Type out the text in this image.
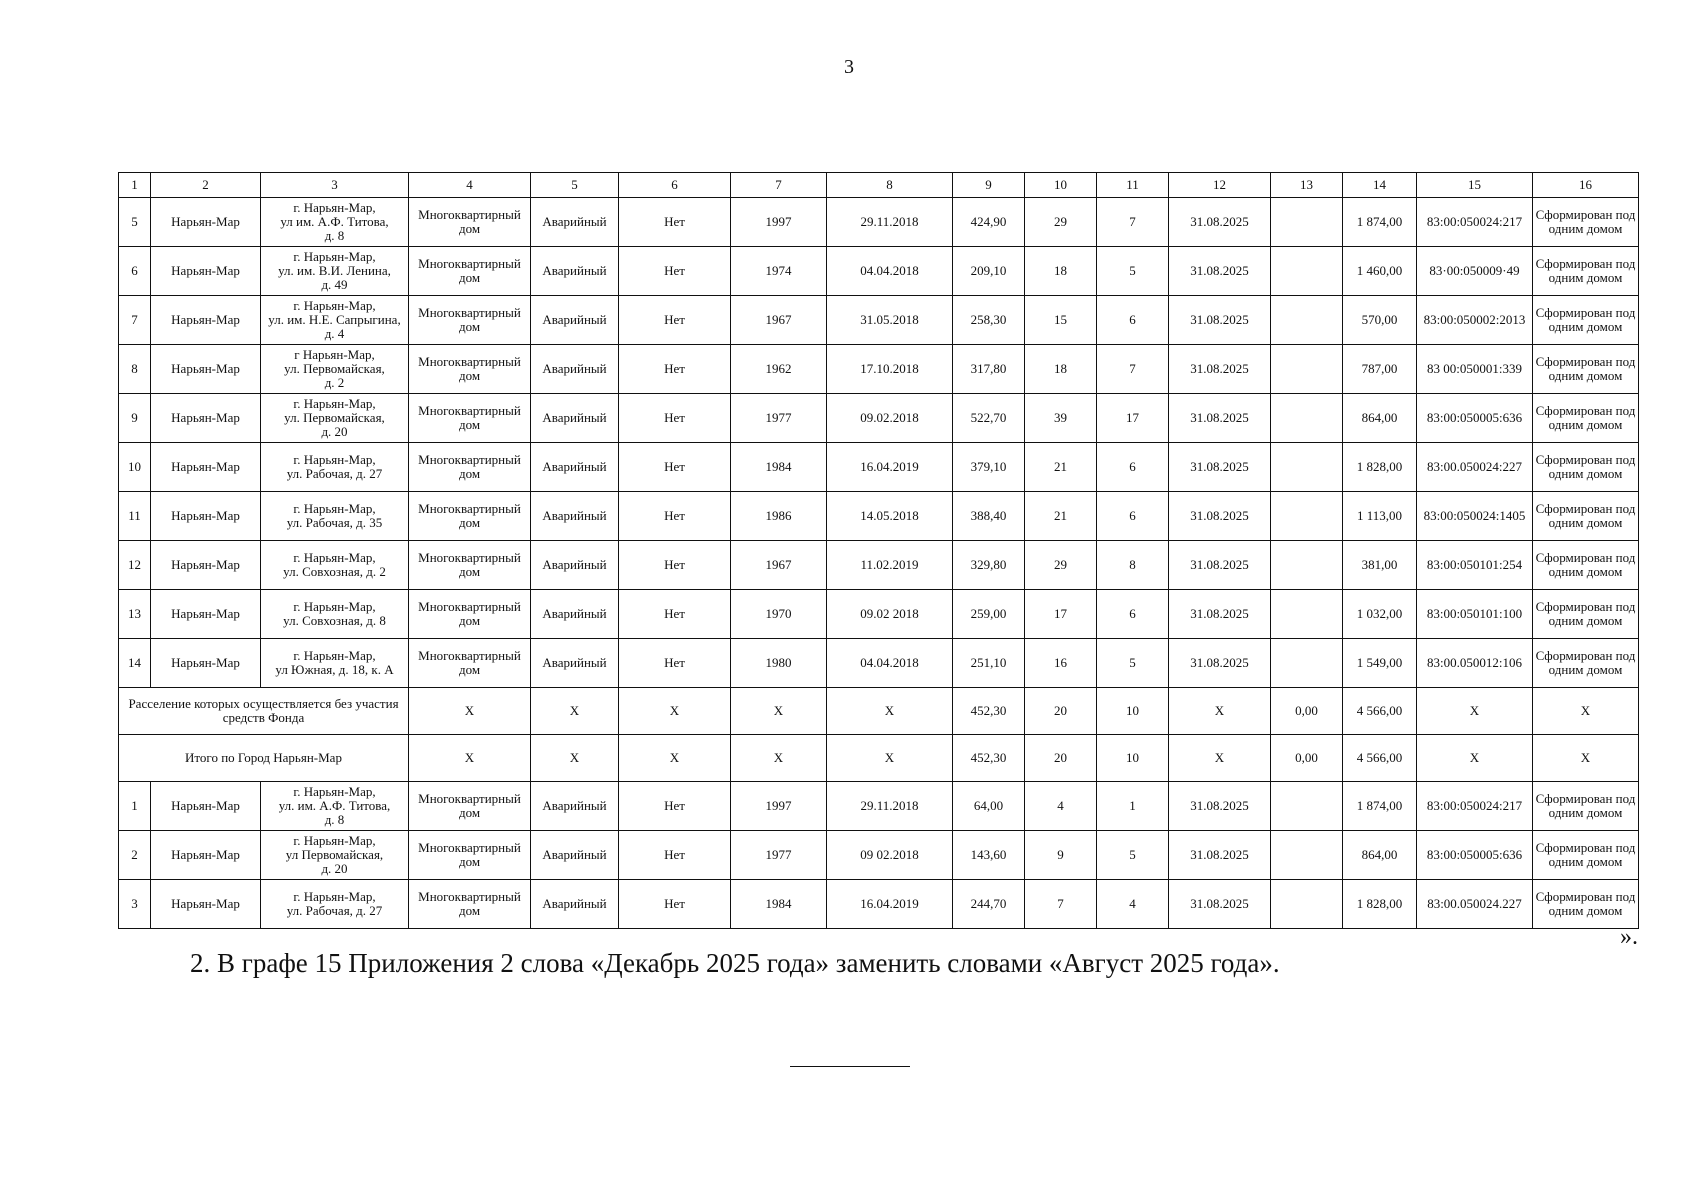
3
1	2	3	4	5	6	7	8	9	10	11	12	13	14	15	16
5	Нарьян-Мар	г. Нарьян-Мар,
ул им. А.Ф. Титова,
д. 8	Многоквартирный дом	Аварийный	Нет	1997	29.11.2018	424,90	29	7	31.08.2025		1 874,00	83:00:050024:217	Сформирован под одним домом
6	Нарьян-Мар	г. Нарьян-Мар,
ул. им. В.И. Ленина,
д. 49	Многоквартирный дом	Аварийный	Нет	1974	04.04.2018	209,10	18	5	31.08.2025		1 460,00	83·00:050009·49	Сформирован под одним домом
7	Нарьян-Мар	г. Нарьян-Мар,
ул. им. Н.Е. Сапрыгина,
д. 4	Многоквартирный дом	Аварийный	Нет	1967	31.05.2018	258,30	15	6	31.08.2025		570,00	83:00:050002:2013	Сформирован под одним домом
8	Нарьян-Мар	г Нарьян-Мар,
ул. Первомайская,
д. 2	Многоквартирный дом	Аварийный	Нет	1962	17.10.2018	317,80	18	7	31.08.2025		787,00	83 00:050001:339	Сформирован под одним домом
9	Нарьян-Мар	г. Нарьян-Мар,
ул. Первомайская,
д. 20	Многоквартирный дом	Аварийный	Нет	1977	09.02.2018	522,70	39	17	31.08.2025		864,00	83:00:050005:636	Сформирован под одним домом
10	Нарьян-Мар	г. Нарьян-Мар,
ул. Рабочая, д. 27	Многоквартирный дом	Аварийный	Нет	1984	16.04.2019	379,10	21	6	31.08.2025		1 828,00	83:00.050024:227	Сформирован под одним домом
11	Нарьян-Мар	г. Нарьян-Мар,
ул. Рабочая, д. 35	Многоквартирный дом	Аварийный	Нет	1986	14.05.2018	388,40	21	6	31.08.2025		1 113,00	83:00:050024:1405	Сформирован под одним домом
12	Нарьян-Мар	г. Нарьян-Мар,
ул. Совхозная, д. 2	Многоквартирный дом	Аварийный	Нет	1967	11.02.2019	329,80	29	8	31.08.2025		381,00	83:00:050101:254	Сформирован под одним домом
13	Нарьян-Мар	г. Нарьян-Мар,
ул. Совхозная, д. 8	Многоквартирный дом	Аварийный	Нет	1970	09.02 2018	259,00	17	6	31.08.2025		1 032,00	83:00:050101:100	Сформирован под одним домом
14	Нарьян-Мар	г. Нарьян-Мар,
ул Южная, д. 18, к. А	Многоквартирный дом	Аварийный	Нет	1980	04.04.2018	251,10	16	5	31.08.2025		1 549,00	83:00.050012:106	Сформирован под одним домом
Расселение которых осуществляется без участия средств Фонда			X	X	X	X	X	452,30	20	10	X	0,00	4 566,00	X	X
Итого по Город Нарьян-Мар			X	X	X	X	X	452,30	20	10	X	0,00	4 566,00	X	X
1	Нарьян-Мар	г. Нарьян-Мар,
ул. им. А.Ф. Титова,
д. 8	Многоквартирный дом	Аварийный	Нет	1997	29.11.2018	64,00	4	1	31.08.2025		1 874,00	83:00:050024:217	Сформирован под одним домом
2	Нарьян-Мар	г. Нарьян-Мар,
ул Первомайская,
д. 20	Многоквартирный дом	Аварийный	Нет	1977	09 02.2018	143,60	9	5	31.08.2025		864,00	83:00:050005:636	Сформирован под одним домом
3	Нарьян-Мар	г. Нарьян-Мар,
ул. Рабочая, д. 27	Многоквартирный дом	Аварийный	Нет	1984	16.04.2019	244,70	7	4	31.08.2025		1 828,00	83:00.050024.227	Сформирован под одним домом
».
2. В графе 15 Приложения 2 слова «Декабрь 2025 года» заменить словами «Август 2025 года».
